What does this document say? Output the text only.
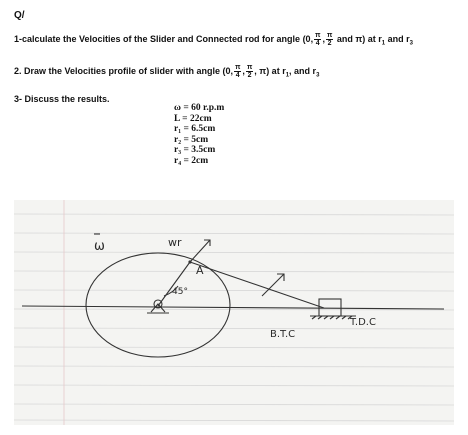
Q/
1-calculate the Velocities of the Slider and Connected rod for angle (0, $\frac{\pi}{4}$ , $\frac{\pi}{2}$ and π) at $r_1$ and $r_3$
2. Draw the Velocities profile of slider with angle (0, $\frac{\pi}{4}$ , $\frac{\pi}{2}$ , π) at $r_1$, and $r_3$
3- Discuss the results.
ω = 60 r.p.m
L = 22cm
r₁ = 6.5cm
r₂ = 5cm
r₃ = 3.5cm
r₄ = 2cm
ω	wr
A
45°
B.T.C
T.D.C
